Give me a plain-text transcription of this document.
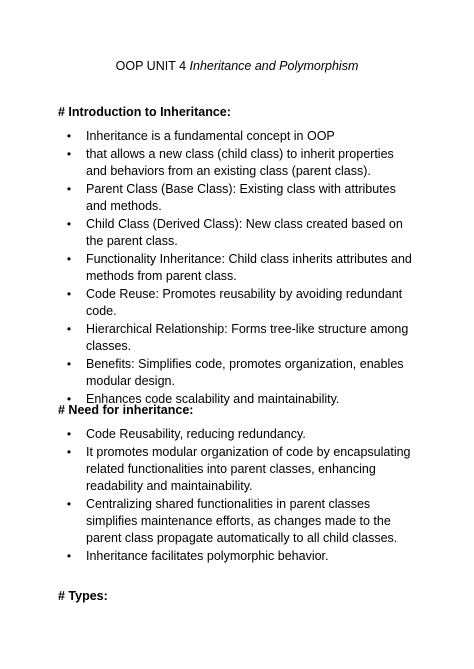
OOP UNIT 4 Inheritance and Polymorphism
# Introduction to Inheritance:
• Inheritance is a fundamental concept in OOP
• that allows a new class (child class) to inherit properties and behaviors from an existing class (parent class).
• Parent Class (Base Class): Existing class with attributes and methods.
• Child Class (Derived Class): New class created based on the parent class.
• Functionality Inheritance: Child class inherits attributes and methods from parent class.
• Code Reuse: Promotes reusability by avoiding redundant code.
• Hierarchical Relationship: Forms tree-like structure among classes.
• Benefits: Simplifies code, promotes organization, enables modular design.
• Enhances code scalability and maintainability.
# Need for inheritance:
• Code Reusability, reducing redundancy.
• It promotes modular organization of code by encapsulating related functionalities into parent classes, enhancing readability and maintainability.
• Centralizing shared functionalities in parent classes simplifies maintenance efforts, as changes made to the parent class propagate automatically to all child classes.
• Inheritance facilitates polymorphic behavior.
# Types:
